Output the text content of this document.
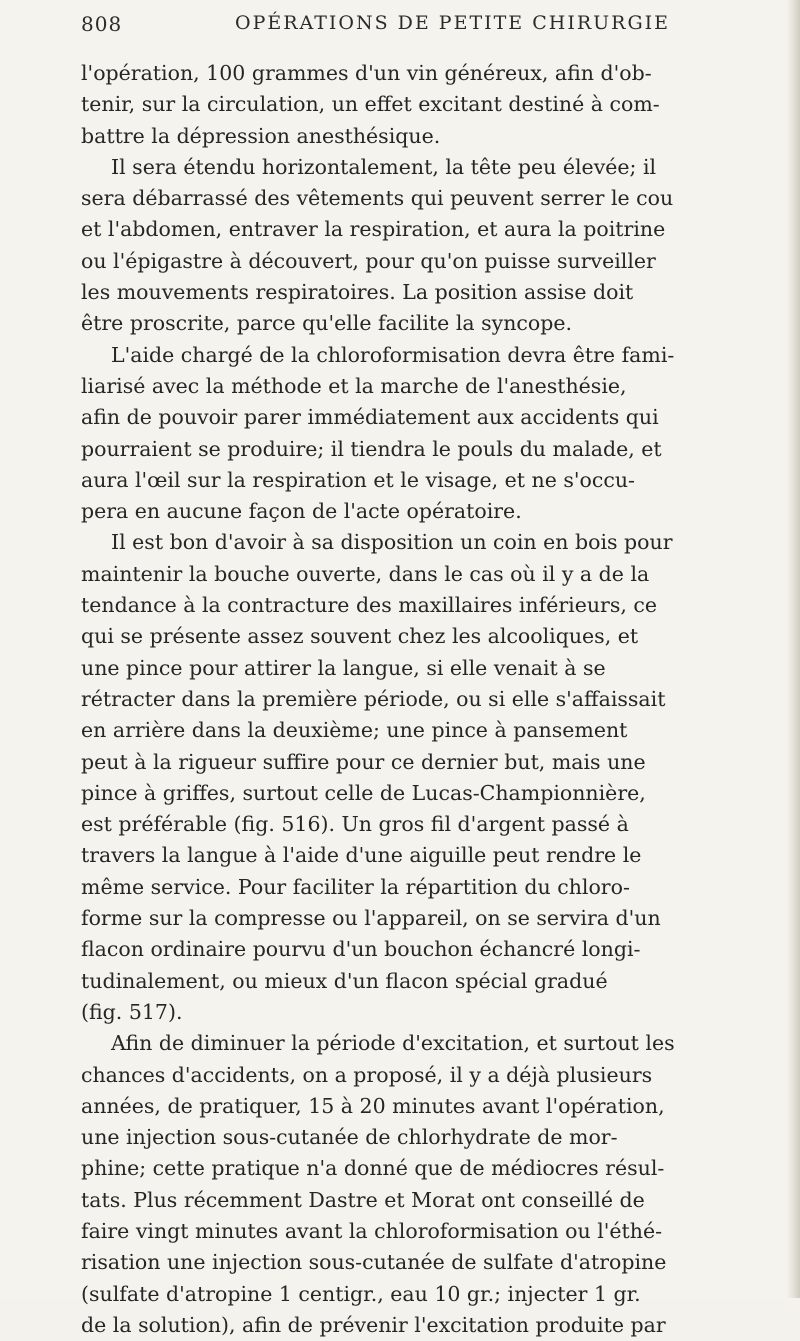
808	OPÉRATIONS DE PETITE CHIRURGIE
l'opération, 100 grammes d'un vin généreux, afin d'ob-
tenir, sur la circulation, un effet excitant destiné à com-
battre la dépression anesthésique.
Il sera étendu horizontalement, la tête peu élevée; il
sera débarrassé des vêtements qui peuvent serrer le cou
et l'abdomen, entraver la respiration, et aura la poitrine
ou l'épigastre à découvert, pour qu'on puisse surveiller
les mouvements respiratoires. La position assise doit
être proscrite, parce qu'elle facilite la syncope.
L'aide chargé de la chloroformisation devra être fami-
liarisé avec la méthode et la marche de l'anesthésie,
afin de pouvoir parer immédiatement aux accidents qui
pourraient se produire; il tiendra le pouls du malade, et
aura l'œil sur la respiration et le visage, et ne s'occu-
pera en aucune façon de l'acte opératoire.
Il est bon d'avoir à sa disposition un coin en bois pour
maintenir la bouche ouverte, dans le cas où il y a de la
tendance à la contracture des maxillaires inférieurs, ce
qui se présente assez souvent chez les alcooliques, et
une pince pour attirer la langue, si elle venait à se
rétracter dans la première période, ou si elle s'affaissait
en arrière dans la deuxième; une pince à pansement
peut à la rigueur suffire pour ce dernier but, mais une
pince à griffes, surtout celle de Lucas-Championnière,
est préférable (fig. 516). Un gros fil d'argent passé à
travers la langue à l'aide d'une aiguille peut rendre le
même service. Pour faciliter la répartition du chloro-
forme sur la compresse ou l'appareil, on se servira d'un
flacon ordinaire pourvu d'un bouchon échancré longi-
tudinalement, ou mieux d'un flacon spécial gradué
(fig. 517).
Afin de diminuer la période d'excitation, et surtout les
chances d'accidents, on a proposé, il y a déjà plusieurs
années, de pratiquer, 15 à 20 minutes avant l'opération,
une injection sous-cutanée de chlorhydrate de mor-
phine; cette pratique n'a donné que de médiocres résul-
tats. Plus récemment Dastre et Morat ont conseillé de
faire vingt minutes avant la chloroformisation ou l'éthé-
risation une injection sous-cutanée de sulfate d'atropine
(sulfate d'atropine 1 centigr., eau 10 gr.; injecter 1 gr.
de la solution), afin de prévenir l'excitation produite par
